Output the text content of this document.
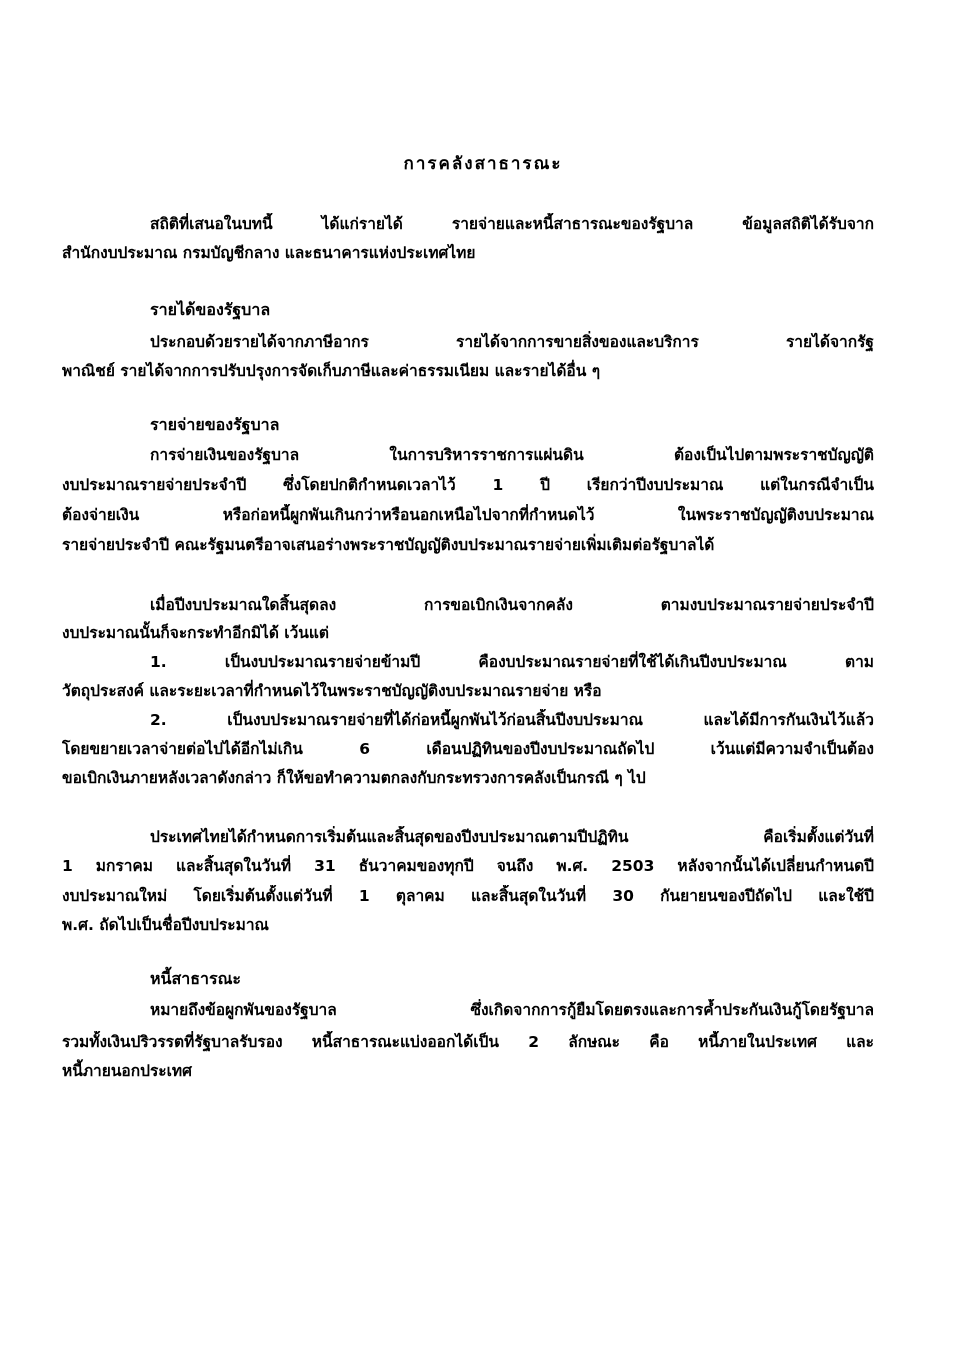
การคลังสาธารณะ
สถิติที่เสนอในบทนี้ ได้แก่รายได้ รายจ่ายและหนี้สาธารณะของรัฐบาล ข้อมูลสถิติได้รับจาก
สำนักงบประมาณ กรมบัญชีกลาง และธนาคารแห่งประเทศไทย
รายได้ของรัฐบาล
ประกอบด้วยรายได้จากภาษีอากร รายได้จากการขายสิ่งของและบริการ รายได้จากรัฐ
พาณิชย์ รายได้จากการปรับปรุงการจัดเก็บภาษีและค่าธรรมเนียม และรายได้อื่น ๆ
รายจ่ายของรัฐบาล
การจ่ายเงินของรัฐบาล ในการบริหารราชการแผ่นดิน ต้องเป็นไปตามพระราชบัญญัติ
งบประมาณรายจ่ายประจำปี ซึ่งโดยปกติกำหนดเวลาไว้ 1 ปี เรียกว่าปีงบประมาณ แต่ในกรณีจำเป็น
ต้องจ่ายเงิน หรือก่อหนี้ผูกพันเกินกว่าหรือนอกเหนือไปจากที่กำหนดไว้ ในพระราชบัญญัติงบประมาณ
รายจ่ายประจำปี คณะรัฐมนตรีอาจเสนอร่างพระราชบัญญัติงบประมาณรายจ่ายเพิ่มเติมต่อรัฐบาลได้
เมื่อปีงบประมาณใดสิ้นสุดลง การขอเบิกเงินจากคลัง ตามงบประมาณรายจ่ายประจำปี
งบประมาณนั้นก็จะกระทำอีกมิได้ เว้นแต่
1. เป็นงบประมาณรายจ่ายข้ามปี คืองบประมาณรายจ่ายที่ใช้ได้เกินปีงบประมาณ ตาม
วัตถุประสงค์ และระยะเวลาที่กำหนดไว้ในพระราชบัญญัติงบประมาณรายจ่าย หรือ
2. เป็นงบประมาณรายจ่ายที่ได้ก่อหนี้ผูกพันไว้ก่อนสิ้นปีงบประมาณ และได้มีการกันเงินไว้แล้ว
โดยขยายเวลาจ่ายต่อไปได้อีกไม่เกิน 6 เดือนปฏิทินของปีงบประมาณถัดไป เว้นแต่มีความจำเป็นต้อง
ขอเบิกเงินภายหลังเวลาดังกล่าว ก็ให้ขอทำความตกลงกับกระทรวงการคลังเป็นกรณี ๆ ไป
ประเทศไทยได้กำหนดการเริ่มต้นและสิ้นสุดของปีงบประมาณตามปีปฏิทิน คือเริ่มตั้งแต่วันที่
1 มกราคม และสิ้นสุดในวันที่ 31 ธันวาคมของทุกปี จนถึง พ.ศ. 2503 หลังจากนั้นได้เปลี่ยนกำหนดปี
งบประมาณใหม่ โดยเริ่มต้นตั้งแต่วันที่ 1 ตุลาคม และสิ้นสุดในวันที่ 30 กันยายนของปีถัดไป และใช้ปี
พ.ศ. ถัดไปเป็นชื่อปีงบประมาณ
หนี้สาธารณะ
หมายถึงข้อผูกพันของรัฐบาล ซึ่งเกิดจากการกู้ยืมโดยตรงและการค้ำประกันเงินกู้โดยรัฐบาล
รวมทั้งเงินปริวรรตที่รัฐบาลรับรอง หนี้สาธารณะแบ่งออกได้เป็น 2 ลักษณะ คือ หนี้ภายในประเทศ และ
หนี้ภายนอกประเทศ
